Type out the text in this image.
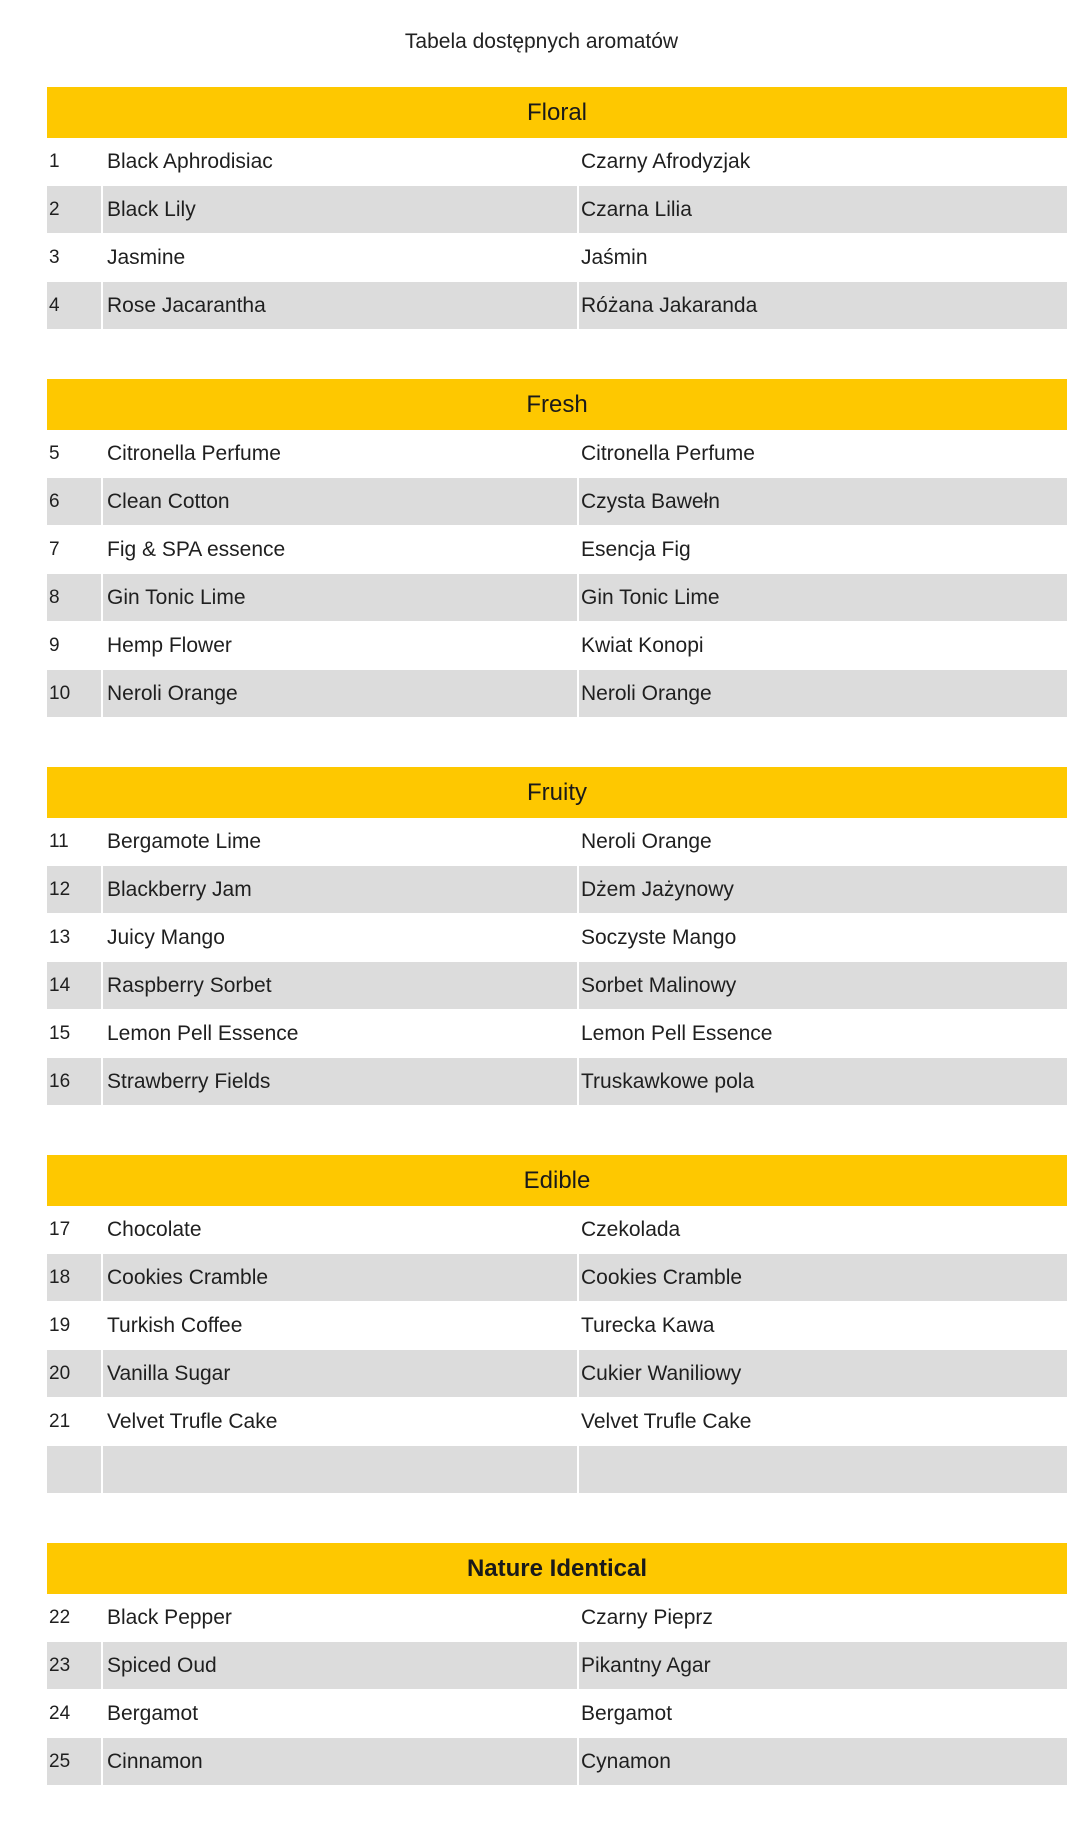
Tabela dostępnych aromatów
Floral
1	Black Aphrodisiac	Czarny Afrodyzjak
2	Black Lily	Czarna Lilia
3	Jasmine	Jaśmin
4	Rose Jacarantha	Różana Jakaranda
Fresh
5	Citronella Perfume	Citronella Perfume
6	Clean Cotton	Czysta Bawełn
7	Fig & SPA essence	Esencja Fig
8	Gin Tonic Lime	Gin Tonic Lime
9	Hemp Flower	Kwiat Konopi
10	Neroli Orange	Neroli Orange
Fruity
11	Bergamote Lime	Neroli Orange
12	Blackberry Jam	Dżem Jażynowy
13	Juicy Mango	Soczyste Mango
14	Raspberry Sorbet	Sorbet Malinowy
15	Lemon Pell Essence	Lemon Pell Essence
16	Strawberry Fields	Truskawkowe pola
Edible
17	Chocolate	Czekolada
18	Cookies Cramble	Cookies Cramble
19	Turkish Coffee	Turecka Kawa
20	Vanilla Sugar	Cukier Waniliowy
21	Velvet Trufle Cake	Velvet Trufle Cake
Nature Identical
22	Black Pepper	Czarny Pieprz
23	Spiced Oud	Pikantny Agar
24	Bergamot	Bergamot
25	Cinnamon	Cynamon
